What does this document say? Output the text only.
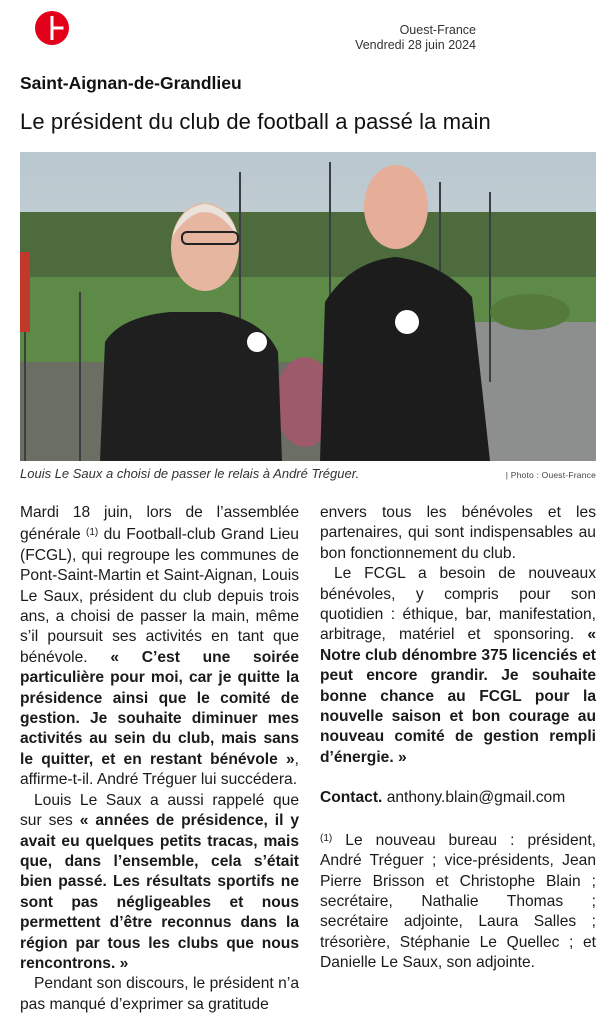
Ouest-France
Vendredi 28 juin 2024
Saint-Aignan-de-Grandlieu
Le président du club de football a passé la main
Louis Le Saux a choisi de passer le relais à André Tréguer.	| Photo : Ouest-France

Mardi 18 juin, lors de l’assemblée générale $^{(1)}$ du Football-club Grand Lieu (FCGL), qui regroupe les communes de Pont-Saint-Martin et Saint-Aignan, Louis Le Saux, président du club depuis trois ans, a choisi de passer la main, même s’il poursuit ses activités en tant que bénévole. « C’est une soirée particulière pour moi, car je quitte la présidence ainsi que le comité de gestion. Je souhaite diminuer mes activités au sein du club, mais sans le quitter, et en restant bénévole », affirme-t-il. André Tréguer lui succédera.

Louis Le Saux a aussi rappelé que sur ses « années de présidence, il y avait eu quelques petits tracas, mais que, dans l’ensemble, cela s’était bien passé. Les résultats sportifs ne sont pas négligeables et nous permettent d’être reconnus dans la région par tous les clubs que nous rencontrons. »

Pendant son discours, le président n’a pas manqué d’exprimer sa gratitude

envers tous les bénévoles et les partenaires, qui sont indispensables au bon fonctionnement du club.

Le FCGL a besoin de nouveaux bénévoles, y compris pour son quotidien : éthique, bar, manifestation, arbitrage, matériel et sponsoring. « Notre club dénombre 375 licenciés et peut encore grandir. Je souhaite bonne chance au FCGL pour la nouvelle saison et bon courage au nouveau comité de gestion rempli d’énergie. »

Contact. anthony.blain@gmail.com

$^{(1)}$ Le nouveau bureau : président, André Tréguer ; vice-présidents, Jean Pierre Brisson et Christophe Blain ; secrétaire, Nathalie Thomas ; secrétaire adjointe, Laura Salles ; trésorière, Stéphanie Le Quellec ; et Danielle Le Saux, son adjointe.
